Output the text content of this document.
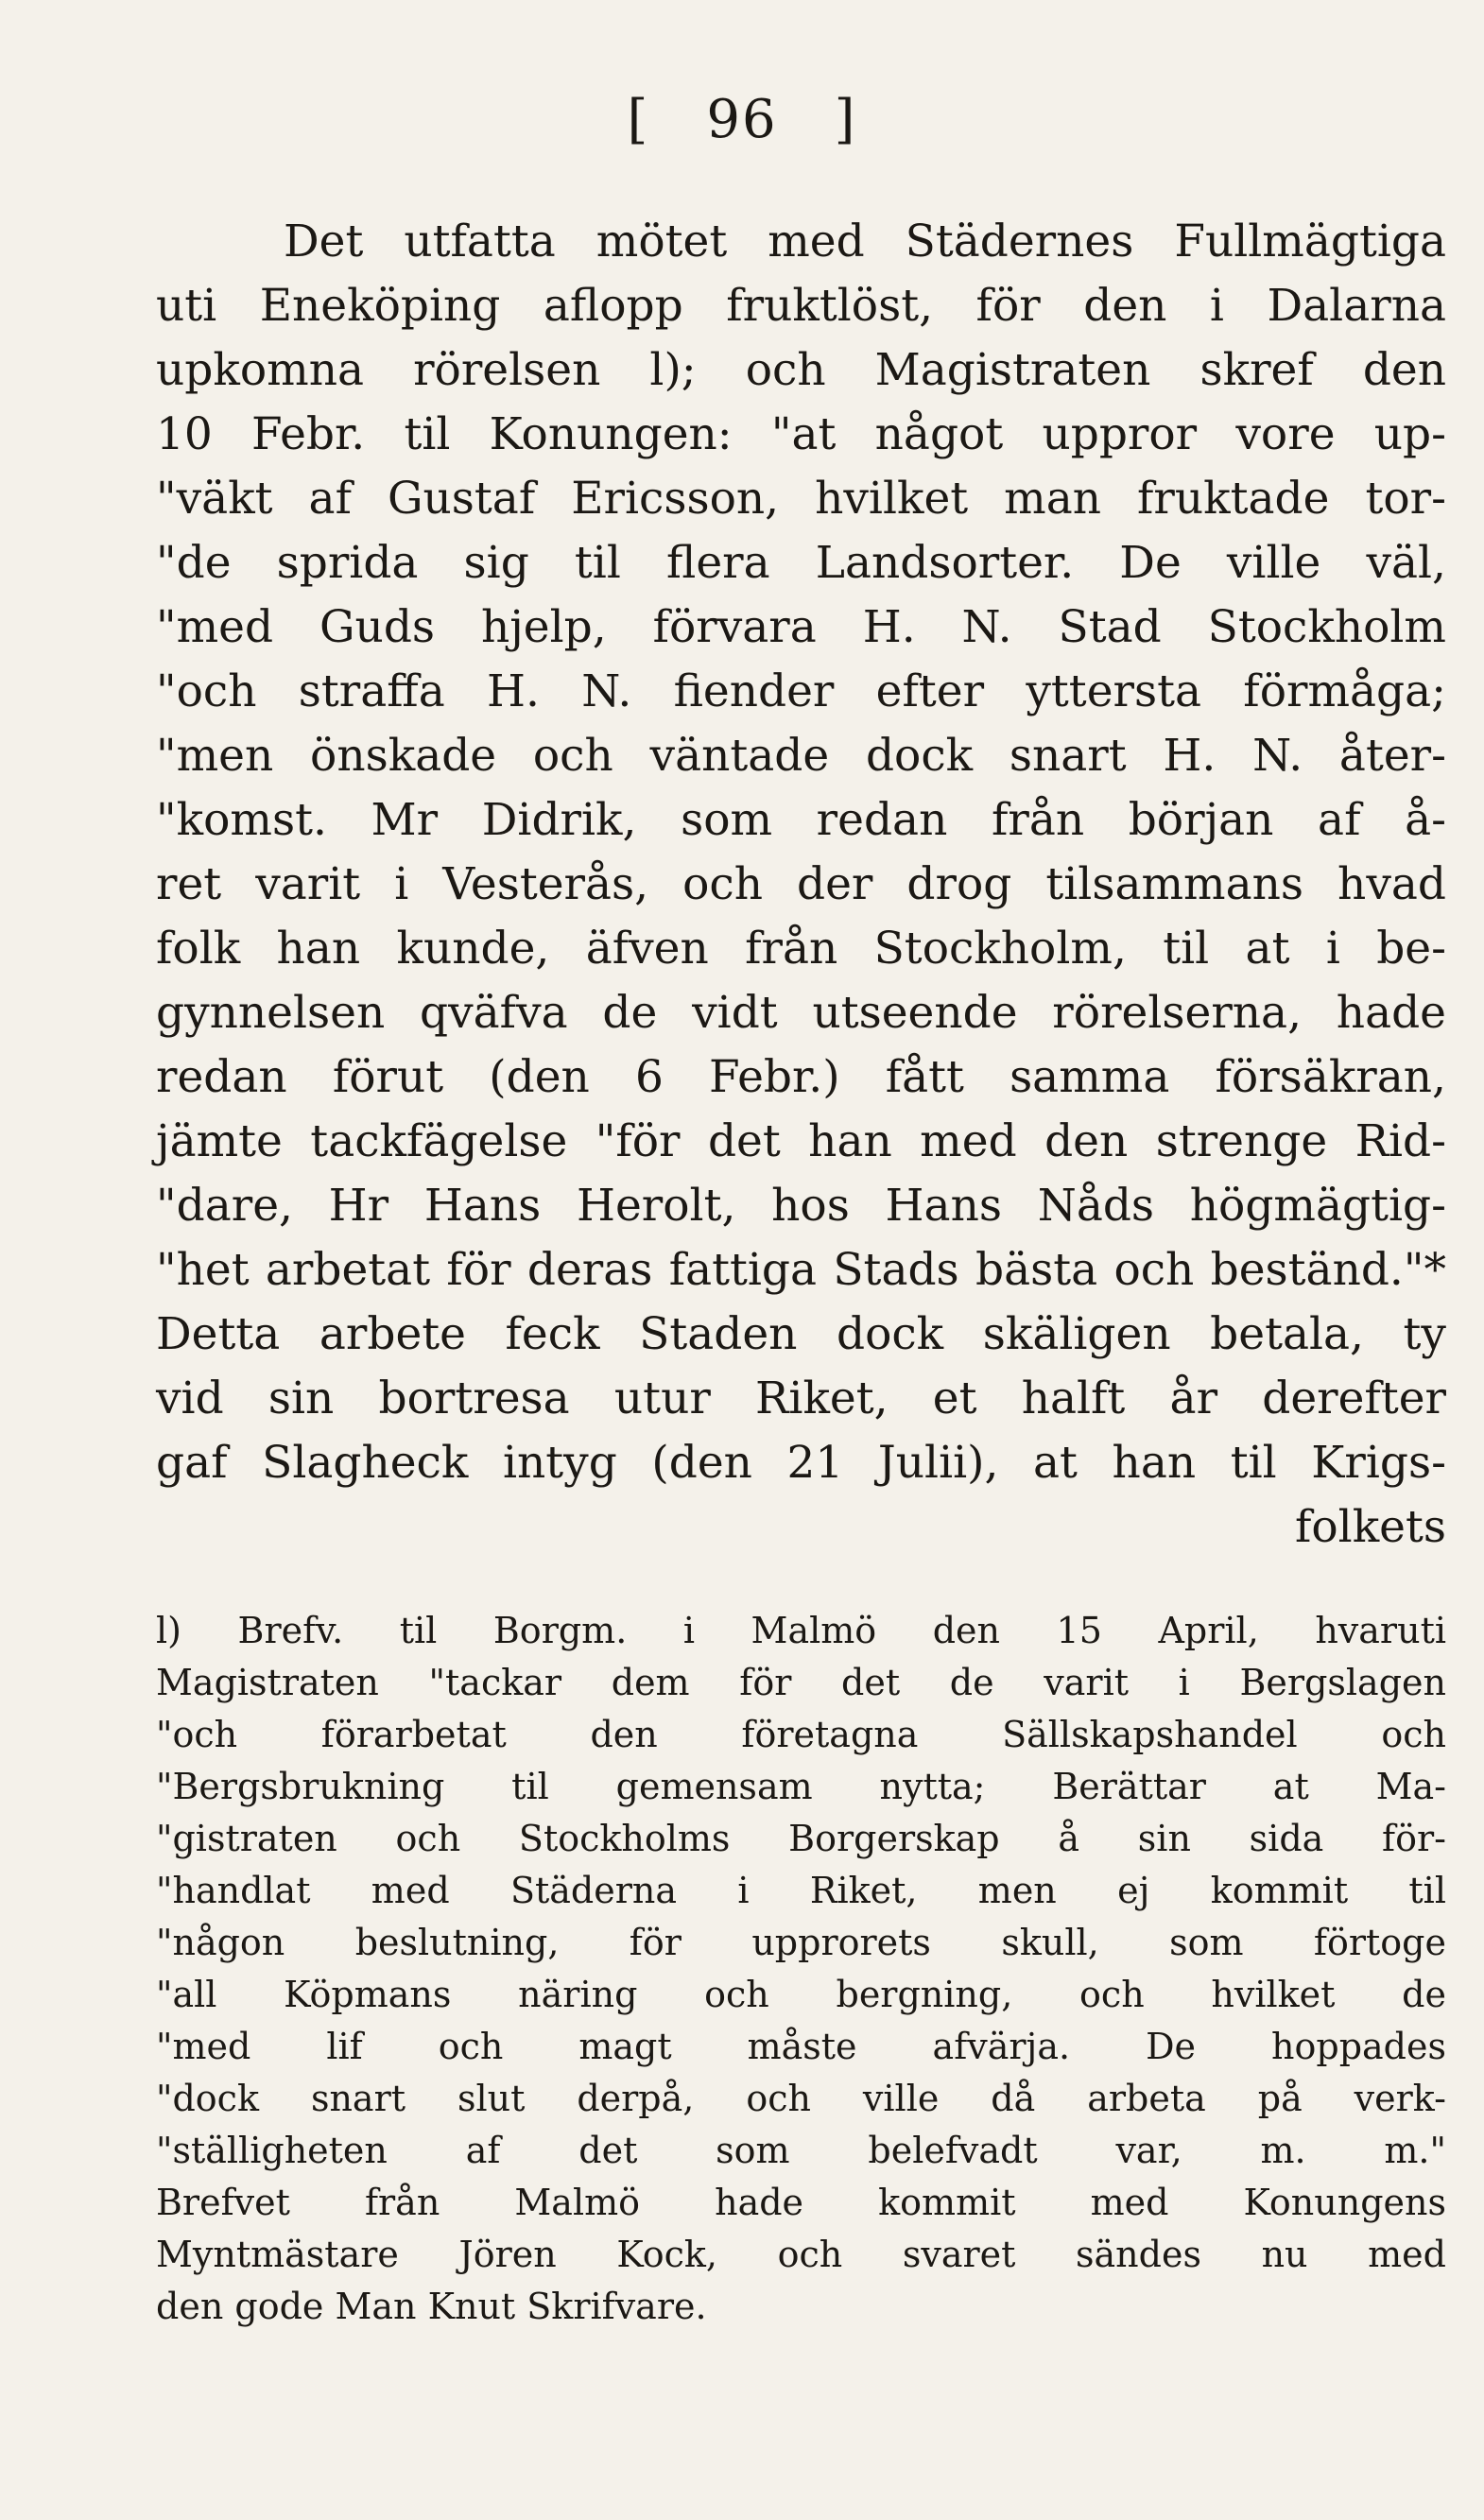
[ 96 ]
Det utfatta mötet med Städernes Fullmägtiga
uti Eneköping aflopp fruktlöst, för den i Dalarna
upkomna rörelsen l); och Magistraten skref den
10 Febr. til Konungen: "at något uppror vore up-
"väkt af Gustaf Ericsson, hvilket man fruktade tor-
"de sprida sig til flera Landsorter. De ville väl,
"med Guds hjelp, förvara H. N. Stad Stockholm
"och straffa H. N. fiender efter yttersta förmåga;
"men önskade och väntade dock snart H. N. åter-
"komst. Mr Didrik, som redan från början af å-
ret varit i Vesterås, och der drog tilsammans hvad
folk han kunde, äfven från Stockholm, til at i be-
gynnelsen qväfva de vidt utseende rörelserna, hade
redan förut (den 6 Febr.) fått samma försäkran,
jämte tackfägelse "för det han med den strenge Rid-
"dare, Hr Hans Herolt, hos Hans Nåds högmägtig-
"het arbetat för deras fattiga Stads bästa och beständ."*
Detta arbete feck Staden dock skäligen betala, ty
vid sin bortresa utur Riket, et halft år derefter
gaf Slagheck intyg (den 21 Julii), at han til Krigs-
folkets
l) Brefv. til Borgm. i Malmö den 15 April, hvaruti
Magistraten "tackar dem för det de varit i Bergslagen
"och förarbetat den företagna Sällskapshandel och
"Bergsbrukning til gemensam nytta; Berättar at Ma-
"gistraten och Stockholms Borgerskap å sin sida för-
"handlat med Städerna i Riket, men ej kommit til
"någon beslutning, för upprorets skull, som förtoge
"all Köpmans näring och bergning, och hvilket de
"med lif och magt måste afvärja. De hoppades
"dock snart slut derpå, och ville då arbeta på verk-
"ställigheten af det som belefvadt var, m. m."
Brefvet från Malmö hade kommit med Konungens
Myntmästare Jören Kock, och svaret sändes nu med
den gode Man Knut Skrifvare.
